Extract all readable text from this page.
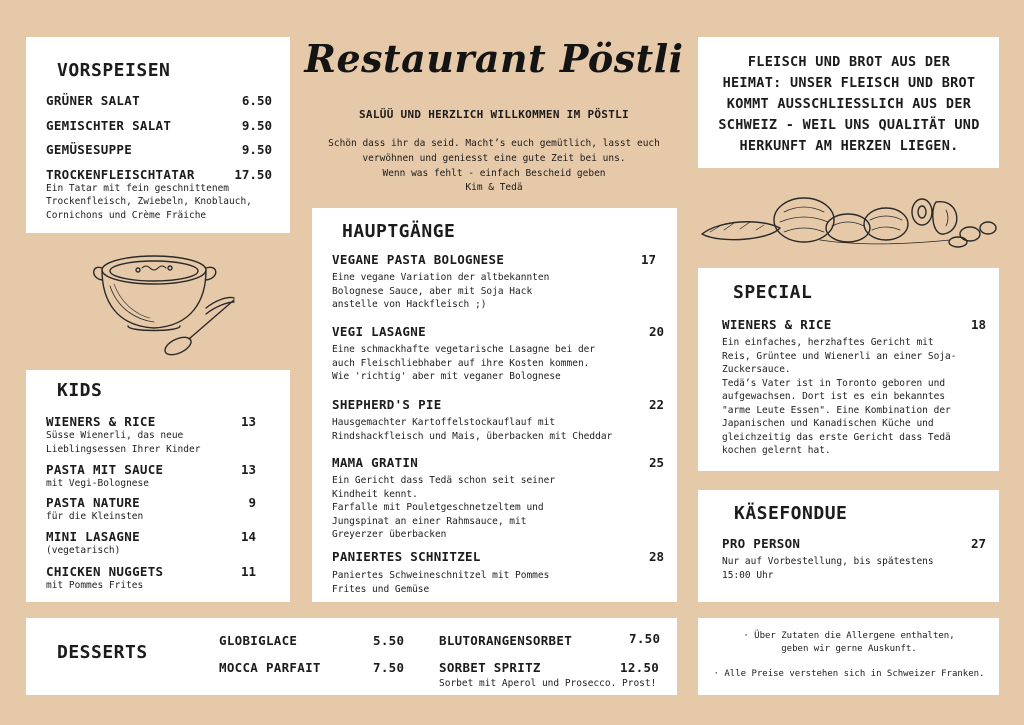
Restaurant Pöstli
SALÜÜ UND HERZLICH WILLKOMMEN IM PÖSTLI
Schön dass ihr da seid. Macht’s euch gemütlich, lasst euch
verwöhnen und geniesst eine gute Zeit bei uns.
Wenn was fehlt - einfach Bescheid geben
Kim & Tedä
VORSPEISEN
GRÜNER SALAT	6.50
GEMISCHTER SALAT	9.50
GEMÜSESUPPE	9.50
TROCKENFLEISCHTATAR	17.50
Ein Tatar mit fein geschnittenem
Trockenfleisch, Zwiebeln, Knoblauch,
Cornichons und Crème Fräiche
KIDS
WIENERS & RICE	13
Süsse Wienerli, das neue
Lieblingsessen Ihrer Kinder
PASTA MIT SAUCE	13
mit Vegi-Bolognese
PASTA NATURE	9
für die Kleinsten
MINI LASAGNE	14
(vegetarisch)
CHICKEN NUGGETS	11
mit Pommes Frites
HAUPTGÄNGE
VEGANE PASTA BOLOGNESE	17
Eine vegane Variation der altbekannten
Bolognese Sauce, aber mit Soja Hack
anstelle von Hackfleisch ;)
VEGI LASAGNE	20
Eine schmackhafte vegetarische Lasagne bei der
auch Fleischliebhaber auf ihre Kosten kommen.
Wie 'richtig' aber mit veganer Bolognese
SHEPHERD'S PIE	22
Hausgemachter Kartoffelstockauflauf mit
Rindshackfleisch und Mais, überbacken mit Cheddar
MAMA GRATIN	25
Ein Gericht dass Tedä schon seit seiner
Kindheit kennt.
Farfalle mit Pouletgeschnetzeltem und
Jungspinat an einer Rahmsauce, mit
Greyerzer überbacken
PANIERTES SCHNITZEL	28
Paniertes Schweineschnitzel mit Pommes
Frites und Gemüse
FLEISCH UND BROT AUS DER
HEIMAT: UNSER FLEISCH UND BROT
KOMMT AUSSCHLIESSLICH AUS DER
SCHWEIZ - WEIL UNS QUALITÄT UND
HERKUNFT AM HERZEN LIEGEN.
SPECIAL
WIENERS & RICE	18
Ein einfaches, herzhaftes Gericht mit
Reis, Grüntee und Wienerli an einer Soja-
Zuckersauce.
Tedä’s Vater ist in Toronto geboren und
aufgewachsen. Dort ist es ein bekanntes
"arme Leute Essen". Eine Kombination der
Japanischen und Kanadischen Küche und
gleichzeitig das erste Gericht dass Tedä
kochen gelernt hat.
KÄSEFONDUE
PRO PERSON	27
Nur auf Vorbestellung, bis spätestens
15:00 Uhr
DESSERTS
GLOBIGLACE	5.50
MOCCA PARFAIT	7.50
BLUTORANGENSORBET	7.50
SORBET SPRITZ	12.50
Sorbet mit Aperol und Prosecco. Prost!
· Über Zutaten die Allergene enthalten,
geben wir gerne Auskunft.
· Alle Preise verstehen sich in Schweizer Franken.
